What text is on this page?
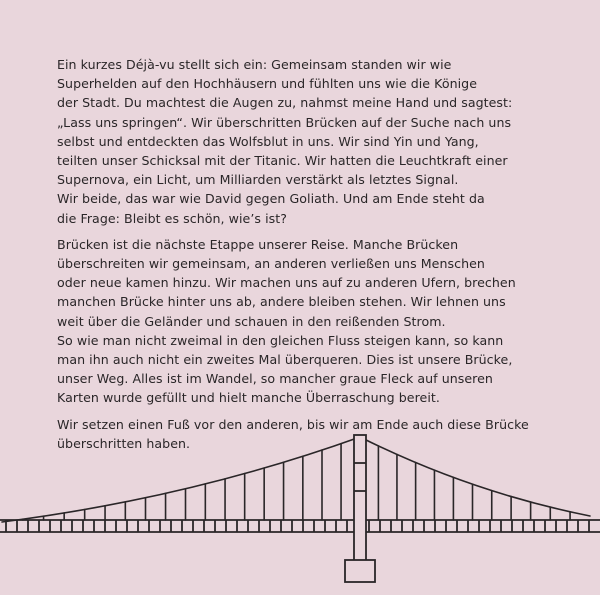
Ein kurzes Déjà-vu stellt sich ein: Gemeinsam standen wir wie
Superhelden auf den Hochhäusern und fühlten uns wie die Könige
der Stadt. Du machtest die Augen zu, nahmst meine Hand und sagtest:
„Lass uns springen“. Wir überschritten Brücken auf der Suche nach uns
selbst und entdeckten das Wolfsblut in uns. Wir sind Yin und Yang,
teilten unser Schicksal mit der Titanic. Wir hatten die Leuchtkraft einer
Supernova, ein Licht, um Milliarden verstärkt als letztes Signal.
Wir beide, das war wie David gegen Goliath. Und am Ende steht da
die Frage: Bleibt es schön, wie’s ist?

Brücken ist die nächste Etappe unserer Reise. Manche Brücken
überschreiten wir gemeinsam, an anderen verließen uns Menschen
oder neue kamen hinzu. Wir machen uns auf zu anderen Ufern, brechen
manchen Brücke hinter uns ab, andere bleiben stehen. Wir lehnen uns
weit über die Geländer und schauen in den reißenden Strom.
So wie man nicht zweimal in den gleichen Fluss steigen kann, so kann
man ihn auch nicht ein zweites Mal überqueren. Dies ist unsere Brücke,
unser Weg. Alles ist im Wandel, so mancher graue Fleck auf unseren
Karten wurde gefüllt und hielt manche Überraschung bereit.

Wir setzen einen Fuß vor den anderen, bis wir am Ende auch diese Brücke
überschritten haben.
